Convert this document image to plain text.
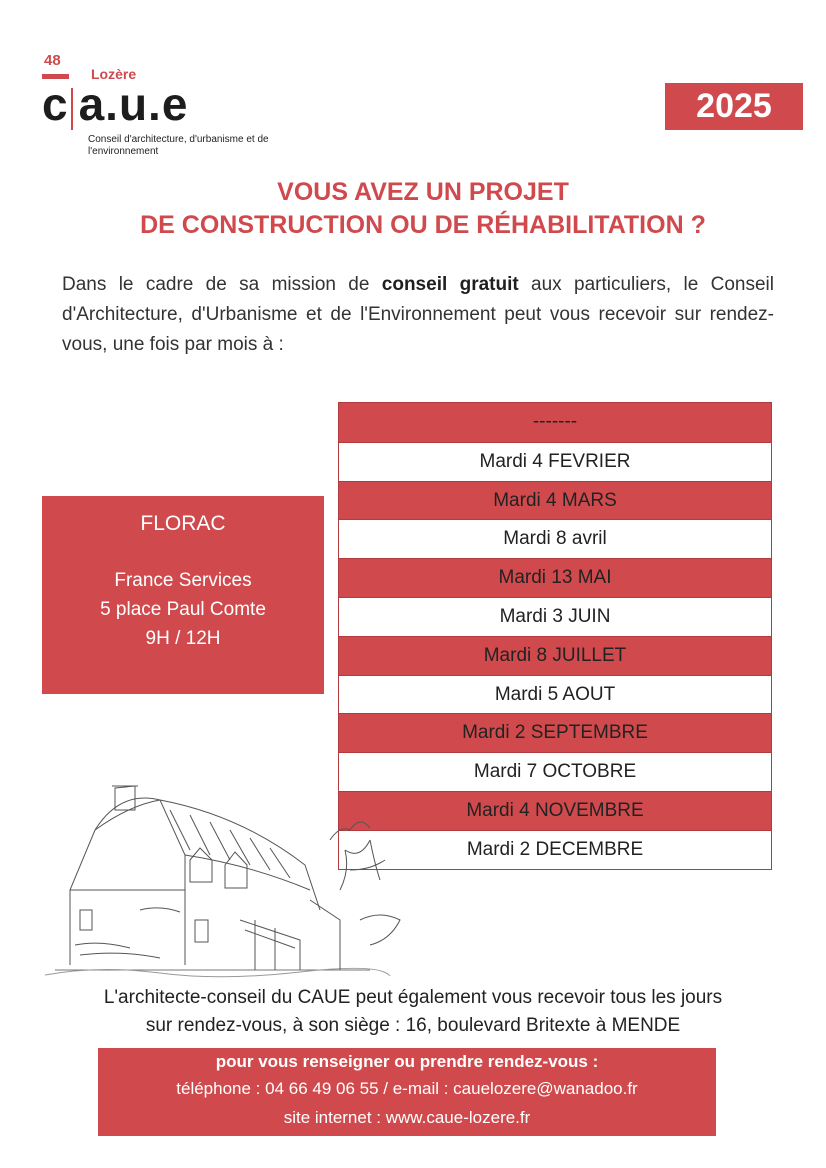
48
Lozère
c a.u.e
Conseil d'architecture, d'urbanisme et de l'environnement
2025
VOUS AVEZ UN PROJET
DE CONSTRUCTION OU DE RÉHABILITATION ?
Dans le cadre de sa mission de conseil gratuit aux particuliers, le Conseil d'Architecture, d'Urbanisme et de l'Environnement peut vous recevoir sur rendez-vous, une fois par mois à :
FLORAC
France Services
5 place Paul Comte
9H / 12H
-------
Mardi 4 FEVRIER
Mardi 4 MARS
Mardi 8 avril
Mardi 13 MAI
Mardi 3 JUIN
Mardi 8 JUILLET
Mardi 5 AOUT
Mardi 2 SEPTEMBRE
Mardi 7 OCTOBRE
Mardi 4 NOVEMBRE
Mardi 2 DECEMBRE
L'architecte-conseil du CAUE peut également vous recevoir tous les jours
sur rendez-vous, à son siège : 16, boulevard Britexte à MENDE
pour vous renseigner ou prendre rendez-vous :
téléphone : 04 66 49 06 55 / e-mail : cauelozere@wanadoo.fr
site internet : www.caue-lozere.fr
